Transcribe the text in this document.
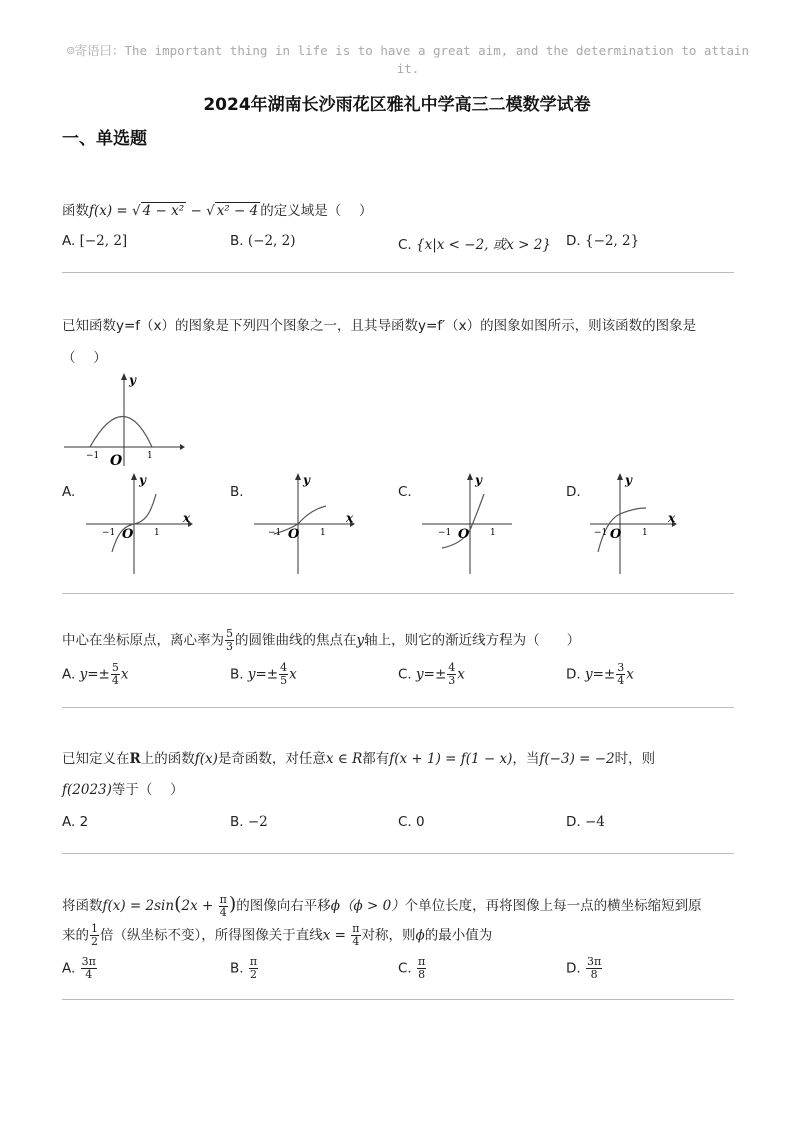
☺寄语曰：The important thing in life is to have a great aim, and the determination to attain it.
2024年湖南长沙雨花区雅礼中学高三二模数学试卷
一、单选题
函数f(x) = √ 4 − x² − √ x² − 4 的定义域是（　 ）
A. [−2, 2]	B. (−2, 2)	C. {x|x < −2, 或x > 2} D. {−2, 2}
已知函数y=f（x）的图象是下列四个图象之一，且其导函数y=f′（x）的图象如图所示，则该函数的图象是
（　 ）
−1	1
O
y
A.	B.	C.	D.
y
x
−1	1
O
y
x
−1	1
O
y
−1	1
O
y
x
−1	1
O
中心在坐标原点，离心率为 $\frac{5}{3}$ 的圆锥曲线的焦点在y轴上，则它的渐近线方程为（　　）
A. $y=\pm \frac{5}{4}$ x	B. $y=\pm \frac{4}{5}$ x	C. $y=\pm \frac{4}{3}$ x	D. $y=\pm \frac{3}{4}$ x
已知定义在R上的函数f(x)是奇函数，对任意x ∈ R都有f(x + 1) = f(1 − x)，当f(−3) = −2时，则
f(2023)等于（　 ）
A. 2	B. −2	C. 0	D. −4
将函数$f(x) = 2\sin(2x + \frac{\pi}{4}$ )的图像向右平移ϕ（ϕ > 0）个单位长度，再将图像上每一点的横坐标缩短到原
来的 $\frac{1}{2}$ 倍（纵坐标不变），所得图像关于直线$x = \frac{\pi}{4}$ 对称，则ϕ的最小值为
A. $\frac{3\pi}{4}$	B. $\frac{\pi}{2}$	C. $\frac{\pi}{8}$	D. $\frac{3\pi}{8}$
